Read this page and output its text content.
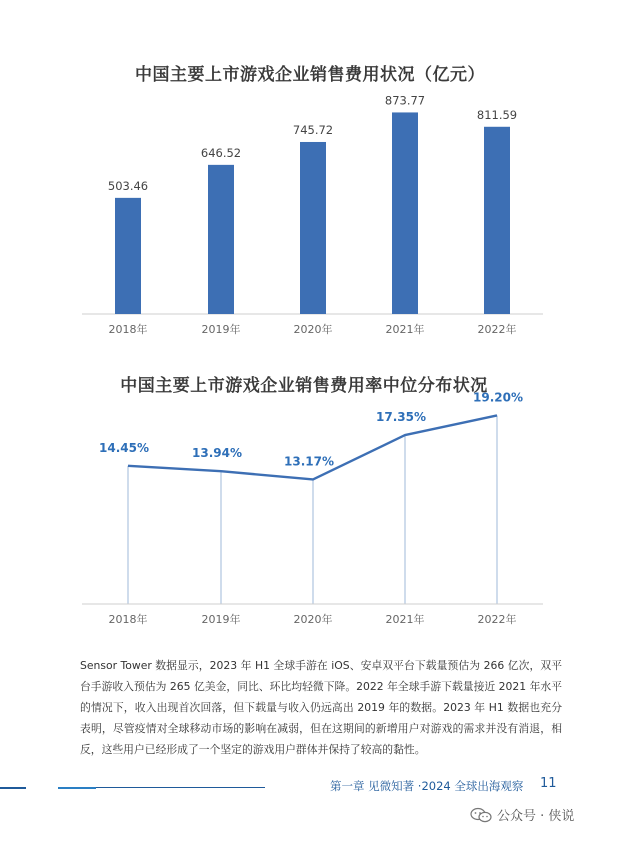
中国主要上市游戏企业销售费用状况（亿元）
503.46
2018年
646.52
2019年
745.72
2020年
873.77
2021年
811.59
2022年
中国主要上市游戏企业销售费用率中位分布状况
14.45%
2018年
13.94%
2019年
13.17%
2020年
17.35%
2021年
19.20%
2022年
Sensor Tower 数据显示，2023 年 H1 全球手游在 iOS、安卓双平台下载量预估为 266 亿次，双平台手游收入预估为 265 亿美金，同比、环比均轻微下降。2022 年全球手游下载量接近 2021 年水平的情况下，收入出现首次回落，但下载量与收入仍远高出 2019 年的数据。2023 年 H1 数据也充分表明，尽管疫情对全球移动市场的影响在减弱，但在这期间的新增用户对游戏的需求并没有消退，相反，这些用户已经形成了一个坚定的游戏用户群体并保持了较高的黏性。
第一章 见微知著 ·2024 全球出海观察 11
公众号 · 侠说
